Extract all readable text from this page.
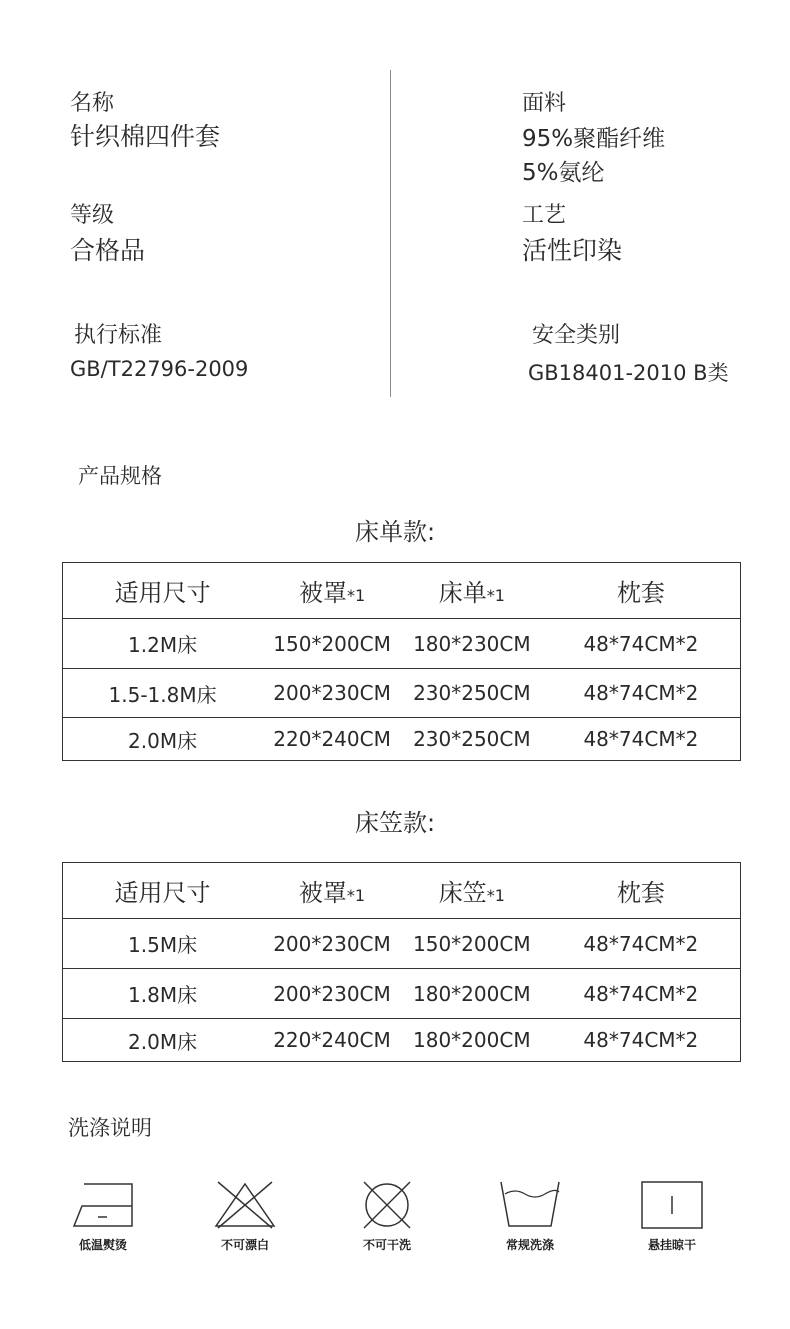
名称
针织棉四件套
面料
95%聚酯纤维
5%氨纶
等级
合格品
工艺
活性印染
执行标准
GB/T22796-2009
安全类别
GB18401-2010 B类
产品规格
床单款:
适用尺寸	被罩*1	床单*1	枕套
1.2M床	150*200CM	180*230CM	48*74CM*2
1.5-1.8M床	200*230CM	230*250CM	48*74CM*2
2.0M床	220*240CM	230*250CM	48*74CM*2
床笠款:
适用尺寸	被罩*1	床笠*1	枕套
1.5M床	200*230CM	150*200CM	48*74CM*2
1.8M床	200*230CM	180*200CM	48*74CM*2
2.0M床	220*240CM	180*200CM	48*74CM*2
洗涤说明
低温熨烫	不可漂白	不可干洗	常规洗涤	悬挂晾干
